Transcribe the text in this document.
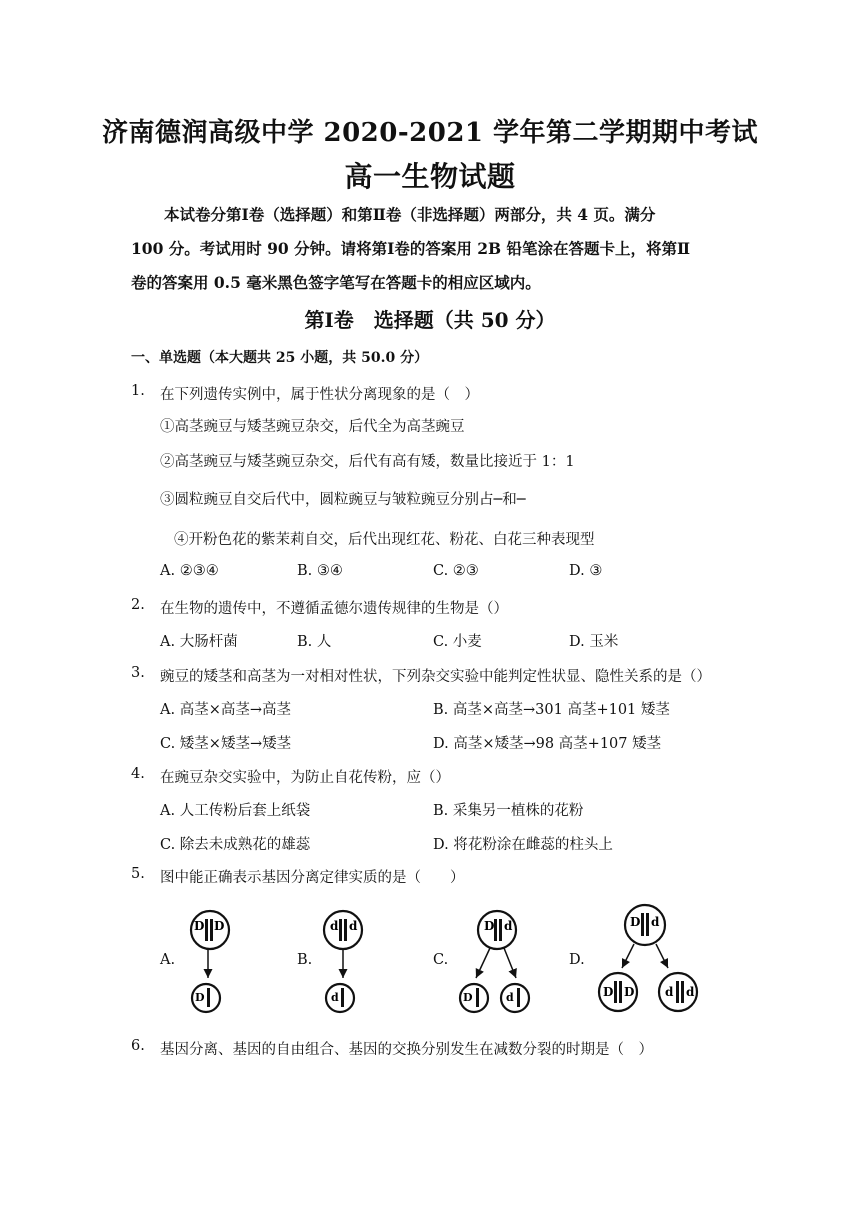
济南德润高级中学 2020-2021 学年第二学期期中考试
高一生物试题
本试卷分第Ⅰ卷（选择题）和第Ⅱ卷（非选择题）两部分，共 4 页。满分
100 分。考试用时 90 分钟。请将第Ⅰ卷的答案用 2B 铅笔涂在答题卡上，将第Ⅱ
卷的答案用 0.5 毫米黑色签字笔写在答题卡的相应区域内。
第Ⅰ卷　选择题（共 50 分）
一、单选题（本大题共 25 小题，共 50.0 分）
1. 在下列遗传实例中，属于性状分离现象的是（　）
①高茎豌豆与矮茎豌豆杂交，后代全为高茎豌豆
②高茎豌豆与矮茎豌豆杂交，后代有高有矮，数量比接近于 1：1
③圆粒豌豆自交后代中，圆粒豌豆与皱粒豌豆分别占─和─
④开粉色花的紫茉莉自交，后代出现红花、粉花、白花三种表现型
A. ②③④	B. ③④	C. ②③	D. ③
2. 在生物的遗传中，不遵循孟德尔遗传规律的生物是（）
A. 大肠杆菌	B. 人	C. 小麦	D. 玉米
3. 豌豆的矮茎和高茎为一对相对性状，下列杂交实验中能判定性状显、隐性关系的是（）
A. 高茎×高茎→高茎	B. 高茎×高茎→301 高茎+101 矮茎
C. 矮茎×矮茎→矮茎	D. 高茎×矮茎→98 高茎+107 矮茎
4. 在豌豆杂交实验中，为防止自花传粉，应（）
A. 人工传粉后套上纸袋	B. 采集另一植株的花粉
C. 除去未成熟花的雄蕊	D. 将花粉涂在雌蕊的柱头上
5. 图中能正确表示基因分离定律实质的是（　　）
A.	B.	C.	D.
D D
D
d d
d
D d
D	d
D d
D D	d d
6. 基因分离、基因的自由组合、基因的交换分别发生在减数分裂的时期是（　）
